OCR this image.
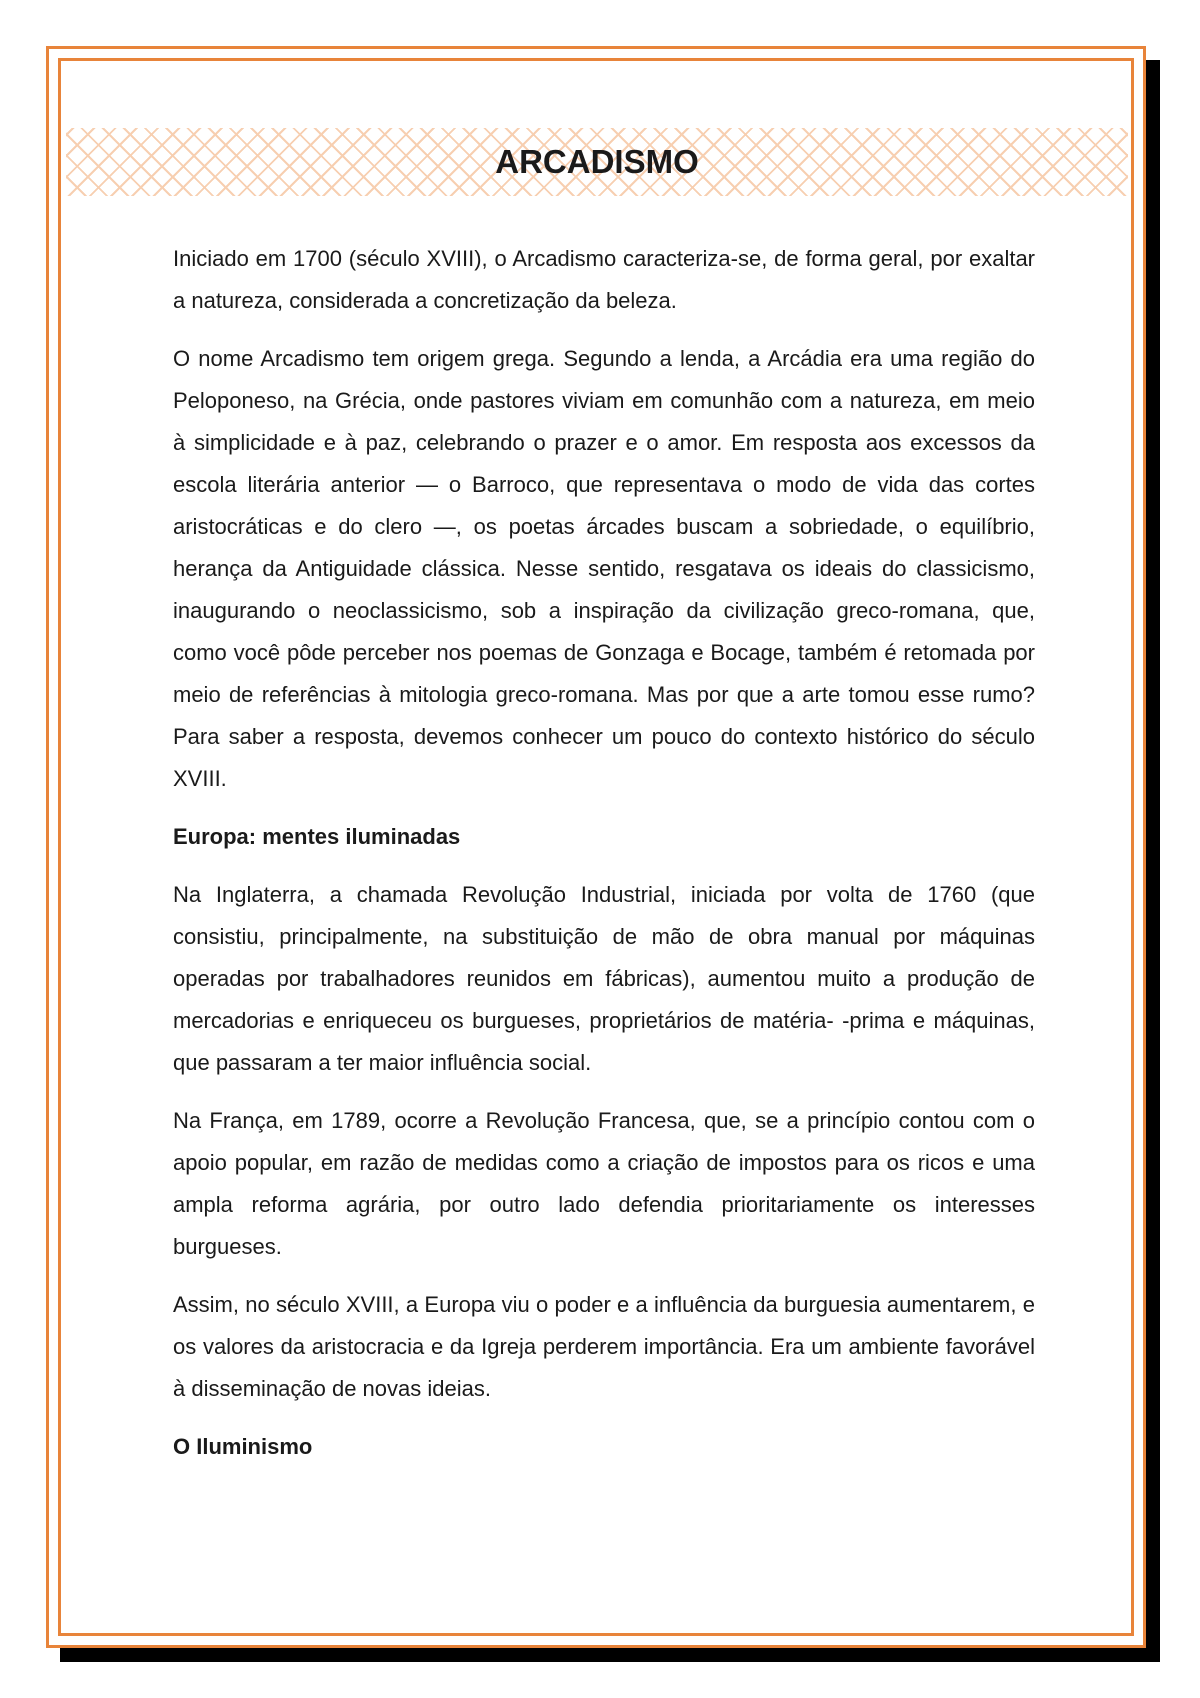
ARCADISMO

Iniciado em 1700 (século XVIII), o Arcadismo caracteriza-se, de forma geral, por exaltar a natureza, considerada a concretização da beleza.

O nome Arcadismo tem origem grega. Segundo a lenda, a Arcádia era uma região do Peloponeso, na Grécia, onde pastores viviam em comunhão com a natureza, em meio à simplicidade e à paz, celebrando o prazer e o amor. Em resposta aos excessos da escola literária anterior — o Barroco, que representava o modo de vida das cortes aristocráticas e do clero —, os poetas árcades buscam a sobriedade, o equilíbrio, herança da Antiguidade clássica. Nesse sentido, resgatava os ideais do classicismo, inaugurando o neoclassicismo, sob a inspiração da civilização greco-romana, que, como você pôde perceber nos poemas de Gonzaga e Bocage, também é retomada por meio de referências à mitologia greco-romana. Mas por que a arte tomou esse rumo? Para saber a resposta, devemos conhecer um pouco do contexto histórico do século XVIII.

Europa: mentes iluminadas

Na Inglaterra, a chamada Revolução Industrial, iniciada por volta de 1760 (que consistiu, principalmente, na substituição de mão de obra manual por máquinas operadas por trabalhadores reunidos em fábricas), aumentou muito a produção de mercadorias e enriqueceu os burgueses, proprietários de matéria- -prima e máquinas, que passaram a ter maior influência social.

Na França, em 1789, ocorre a Revolução Francesa, que, se a princípio contou com o apoio popular, em razão de medidas como a criação de impostos para os ricos e uma ampla reforma agrária, por outro lado defendia prioritariamente os interesses burgueses.

Assim, no século XVIII, a Europa viu o poder e a influência da burguesia aumentarem, e os valores da aristocracia e da Igreja perderem importância. Era um ambiente favorável à disseminação de novas ideias.

O Iluminismo
